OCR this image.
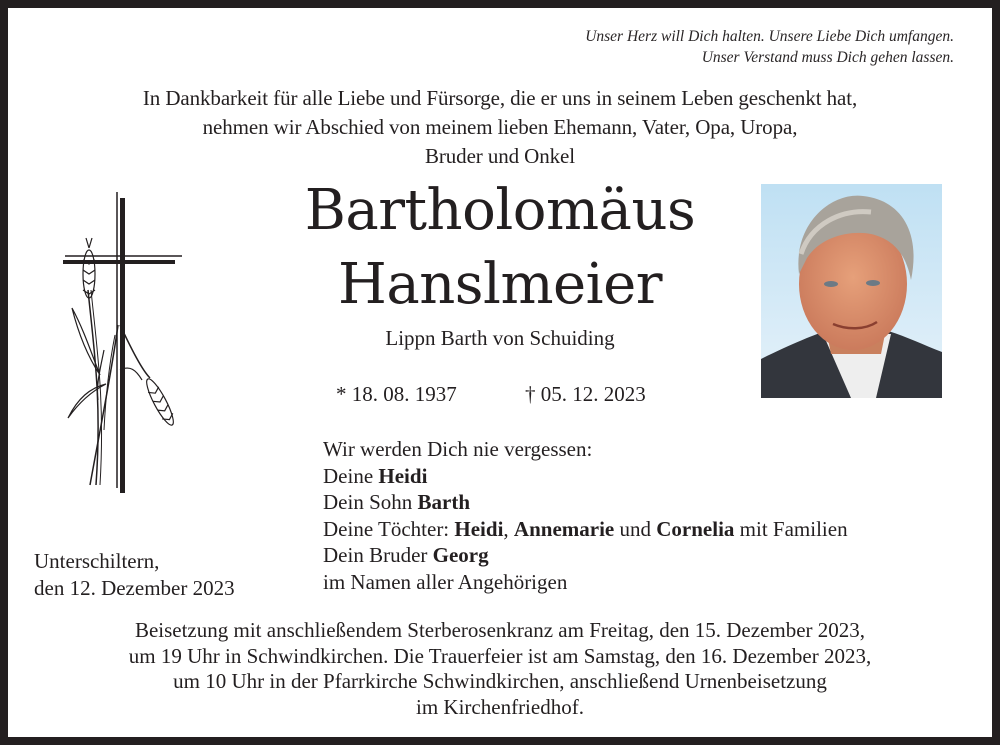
Unser Herz will Dich halten. Unsere Liebe Dich umfangen.
Unser Verstand muss Dich gehen lassen.
In Dankbarkeit für alle Liebe und Fürsorge, die er uns in seinem Leben geschenkt hat,
nehmen wir Abschied von meinem lieben Ehemann, Vater, Opa, Uropa,
Bruder und Onkel
Bartholomäus
Hanslmeier
Lippn Barth von Schuiding
* 18. 08. 1937	† 05. 12. 2023
Wir werden Dich nie vergessen:
Deine Heidi
Dein Sohn Barth
Deine Töchter: Heidi, Annemarie und Cornelia mit Familien
Dein Bruder Georg
im Namen aller Angehörigen
Unterschiltern,
den 12. Dezember 2023
Beisetzung mit anschließendem Sterberosenkranz am Freitag, den 15. Dezember 2023,
um 19 Uhr in Schwindkirchen. Die Trauerfeier ist am Samstag, den 16. Dezember 2023,
um 10 Uhr in der Pfarrkirche Schwindkirchen, anschließend Urnenbeisetzung
im Kirchenfriedhof.
